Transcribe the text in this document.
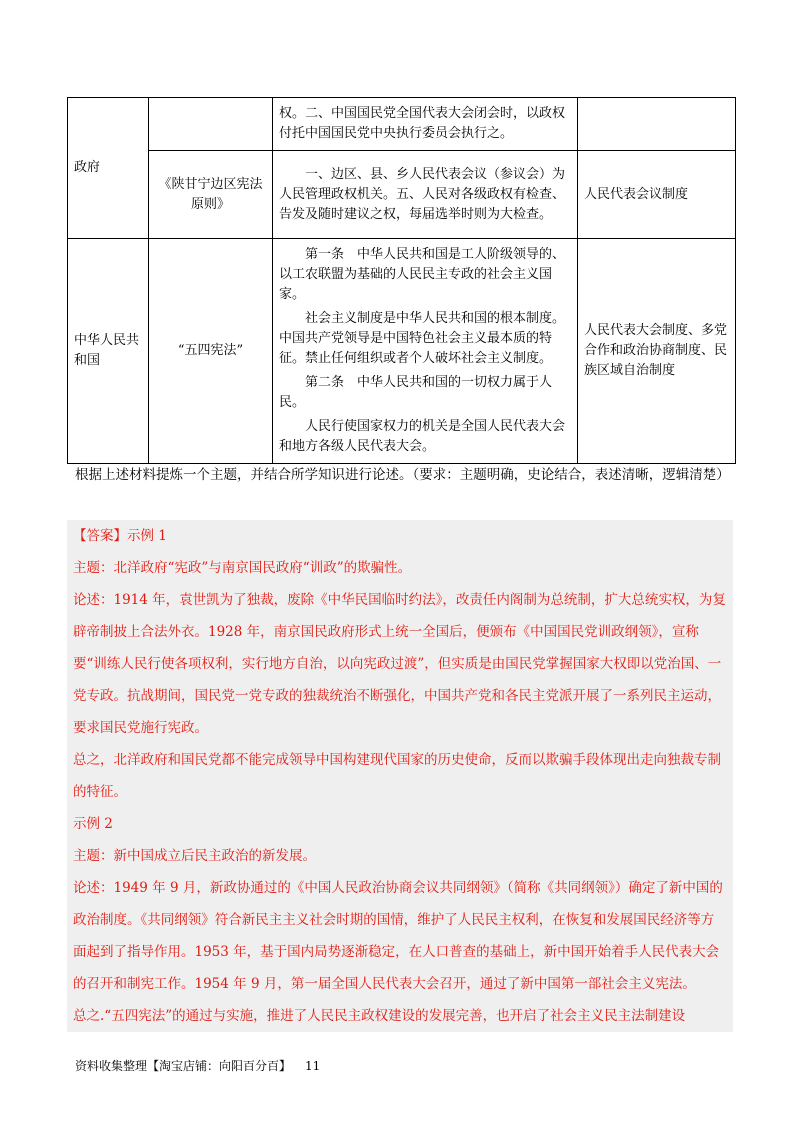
政府		权。二、中国国民党全国代表大会闭会时，以政权付托中国国民党中央执行委员会执行之。	

	《陕甘宁边区宪法原则》	一、边区、县、乡人民代表会议（参议会）为人民管理政权机关。五、人民对各级政权有检查、告发及随时建议之权，每届选举时则为大检查。	人民代表会议制度
中华人民共和国	“五四宪法”	第一条　中华人民共和国是工人阶级领导的、以工农联盟为基础的人民民主专政的社会主义国家。

社会主义制度是中华人民共和国的根本制度。中国共产党领导是中国特色社会主义最本质的特征。禁止任何组织或者个人破坏社会主义制度。

第二条　中华人民共和国的一切权力属于人民。

人民行使国家权力的机关是全国人民代表大会和地方各级人民代表大会。	人民代表大会制度、多党合作和政治协商制度、民族区域自治制度
根据上述材料提炼一个主题，并结合所学知识进行论述。（要求：主题明确，史论结合，表述清晰，逻辑清楚）

【答案】示例 1

主题：北洋政府“宪政”与南京国民政府“训政”的欺骗性。

论述：1914 年，袁世凯为了独裁，废除《中华民国临时约法》，改责任内阁制为总统制，扩大总统实权，为复辟帝制披上合法外衣。1928 年，南京国民政府形式上统一全国后，便颁布《中国国民党训政纲领》，宣称要“训练人民行使各项权利，实行地方自治，以向宪政过渡”，但实质是由国民党掌握国家大权即以党治国、一党专政。抗战期间，国民党一党专政的独裁统治不断强化，中国共产党和各民主党派开展了一系列民主运动，要求国民党施行宪政。

总之，北洋政府和国民党都不能完成领导中国构建现代国家的历史使命，反而以欺骗手段体现出走向独裁专制的特征。

示例 2

主题：新中国成立后民主政治的新发展。

论述：1949 年 9 月，新政协通过的《中国人民政治协商会议共同纲领》（简称《共同纲领》）确定了新中国的政治制度。《共同纲领》符合新民主主义社会时期的国情，维护了人民民主权利，在恢复和发展国民经济等方面起到了指导作用。1953 年，基于国内局势逐渐稳定，在人口普查的基础上，新中国开始着手人民代表大会的召开和制宪工作。1954 年 9 月，第一届全国人民代表大会召开，通过了新中国第一部社会主义宪法。

总之.“五四宪法”的通过与实施，推进了人民民主政权建设的发展完善，也开启了社会主义民主法制建设

资料收集整理【淘宝店铺：向阳百分百】 11
